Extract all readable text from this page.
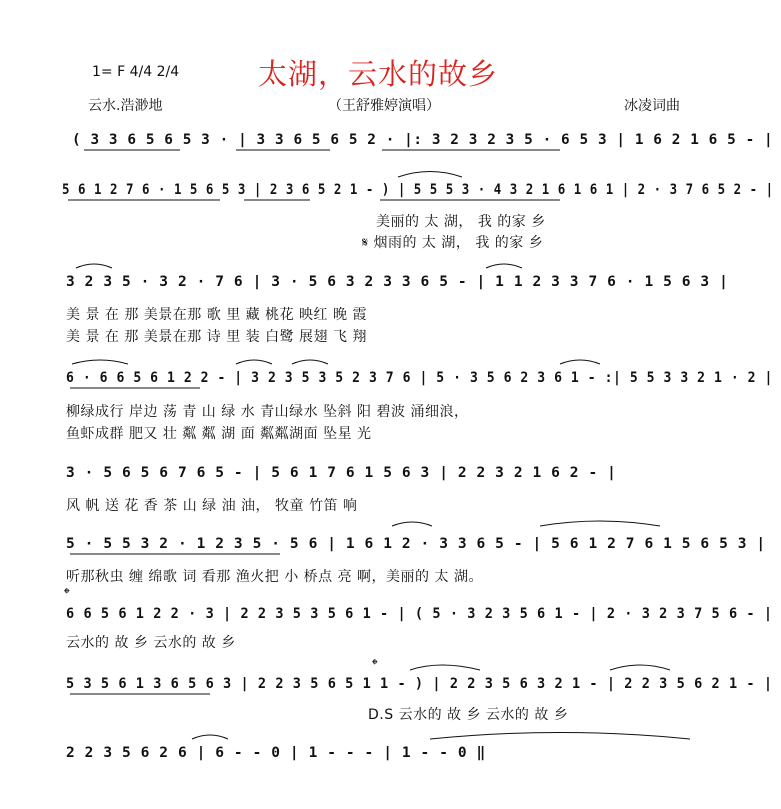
太湖，云水的故乡
1= F 4/4 2/4
云水.浩渺地	（王舒雅婷演唱）	冰凌词曲
( 3 3 6 5 6 5 3 · | 3 3 6 5 6 5 2 · |: 3 2 3 2 3 5 · 6 5 3 | 1 6 2 1 6 5 - |
5 6 1 2 7 6 · 1 5 6 5 3 | 2 3 6 5 2 1 - ) | 5 5 5 3 · 4 3 2 1 6 1 6 1 | 2 · 3 7 6 5 2 - |
美丽的 太 湖， 我 的家 乡
𝄋 烟雨的 太 湖， 我 的家 乡
3 2 3 5 · 3 2 · 7 6 | 3 · 5 6 3 2 3 3 6 5 - | 1 1 2 3 3 7 6 · 1 5 6 3 |
美 景 在 那 美景在那 歌 里 藏 桃花 映红 晚 霞
美 景 在 那 美景在那 诗 里 装 白鹭 展翅 飞 翔
6 · 6 6 5 6 1 2 2 - | 3 2 3 5 3 5 2 3 7 6 | 5 · 3 5 6 2 3 6 1 - :| 5 5 3 3 2 1 · 2 |
柳绿成行 岸边 荡 青 山 绿 水 青山绿水 坠斜 阳 碧波 涌细浪，
鱼虾成群 肥又 壮 粼 粼 湖 面 粼粼湖面 坠星 光
3 · 5 6 5 6 7 6 5 - | 5 6 1 7 6 1 5 6 3 | 2 2 3 2 1 6 2 - |
风 帆 送 花 香 茶 山 绿 油 油， 牧童 竹笛 响
5 · 5 5 3 2 · 1 2 3 5 · 5 6 | 1 6 1 2 · 3 3 6 5 - | 5 6 1 2 7 6 1 5 6 5 3 |
听那秋虫 缠 绵歌 词 看那 渔火把 小 桥点 亮 啊，美丽的 太 湖。
𝄌
6 6 5 6 1 2 2 · 3 | 2 2 3 5 3 5 6 1 - | ( 5 · 3 2 3 5 6 1 - | 2 · 3 2 3 7 5 6 - |
云水的 故 乡 云水的 故 乡
𝄌
5 3 5 6 1 3 6 5 6 3 | 2 2 3 5 6 5 1 1 - ) | 2 2 3 5 6 3 2 1 - | 2 2 3 5 6 2 1 - |
D.S 云水的 故 乡 云水的 故 乡
2 2 3 5 6 2 6 | 6 - - 0 | 1 - - - | 1 - - 0 ‖
